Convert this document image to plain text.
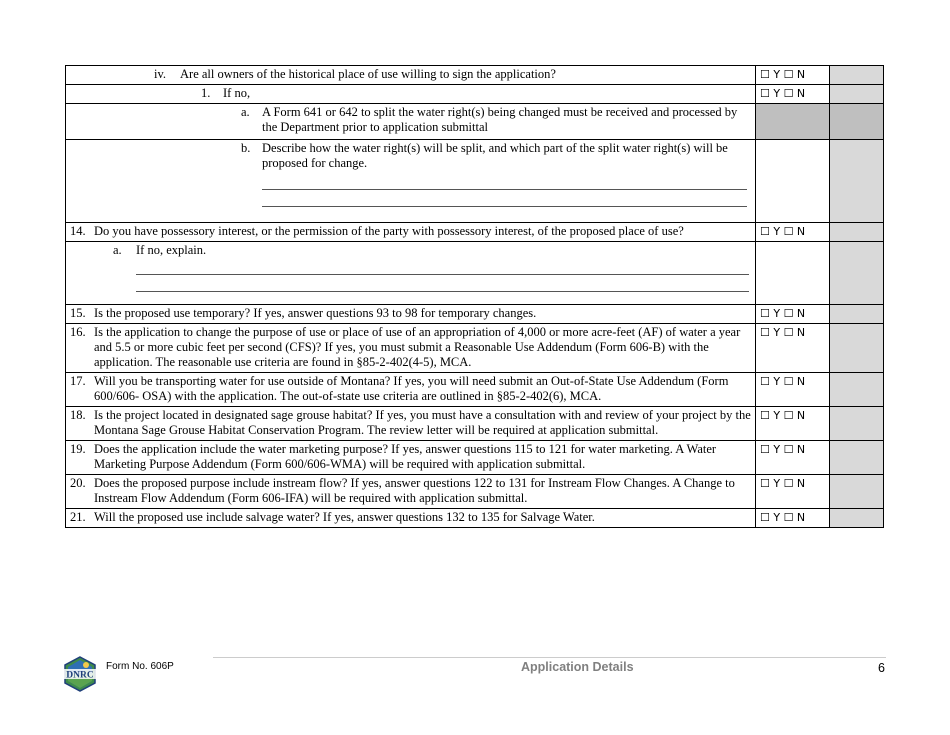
iv. Are all owners of the historical place of use willing to sign the application?	☐ Y ☐ N	

1. If no,	☐ Y ☐ N	

a. A Form 641 or 642 to split the water right(s) being changed must be received and processed by the Department prior to application submittal		

b. Describe how the water right(s) will be split, and which part of the split water right(s) will be proposed for change.		

14. Do you have possessory interest, or the permission of the party with possessory interest, of the proposed place of use?	☐ Y ☐ N	

a. If no, explain.		

15. Is the proposed use temporary? If yes, answer questions 93 to 98 for temporary changes.	☐ Y ☐ N	

16. Is the application to change the purpose of use or place of use of an appropriation of 4,000 or more acre-feet (AF) of water a year and 5.5 or more cubic feet per second (CFS)? If yes, you must submit a Reasonable Use Addendum (Form 606-B) with the application. The reasonable use criteria are found in §85-2-402(4-5), MCA.	☐ Y ☐ N	

17. Will you be transporting water for use outside of Montana? If yes, you will need submit an Out-of-State Use Addendum (Form 600/606- OSA) with the application. The out-of-state use criteria are outlined in §85-2-402(6), MCA.	☐ Y ☐ N	

18. Is the project located in designated sage grouse habitat? If yes, you must have a consultation with and review of your project by the Montana Sage Grouse Habitat Conservation Program. The review letter will be required at application submittal.	☐ Y ☐ N	

19. Does the application include the water marketing purpose? If yes, answer questions 115 to 121 for water marketing. A Water Marketing Purpose Addendum (Form 600/606-WMA) will be required with application submittal.	☐ Y ☐ N	

20. Does the proposed purpose include instream flow? If yes, answer questions 122 to 131 for Instream Flow Changes. A Change to Instream Flow Addendum (Form 606-IFA) will be required with application submittal.	☐ Y ☐ N	

21. Will the proposed use include salvage water? If yes, answer questions 132 to 135 for Salvage Water.	☐ Y ☐ N	
DNRC
Form No. 606P	Application Details	6
